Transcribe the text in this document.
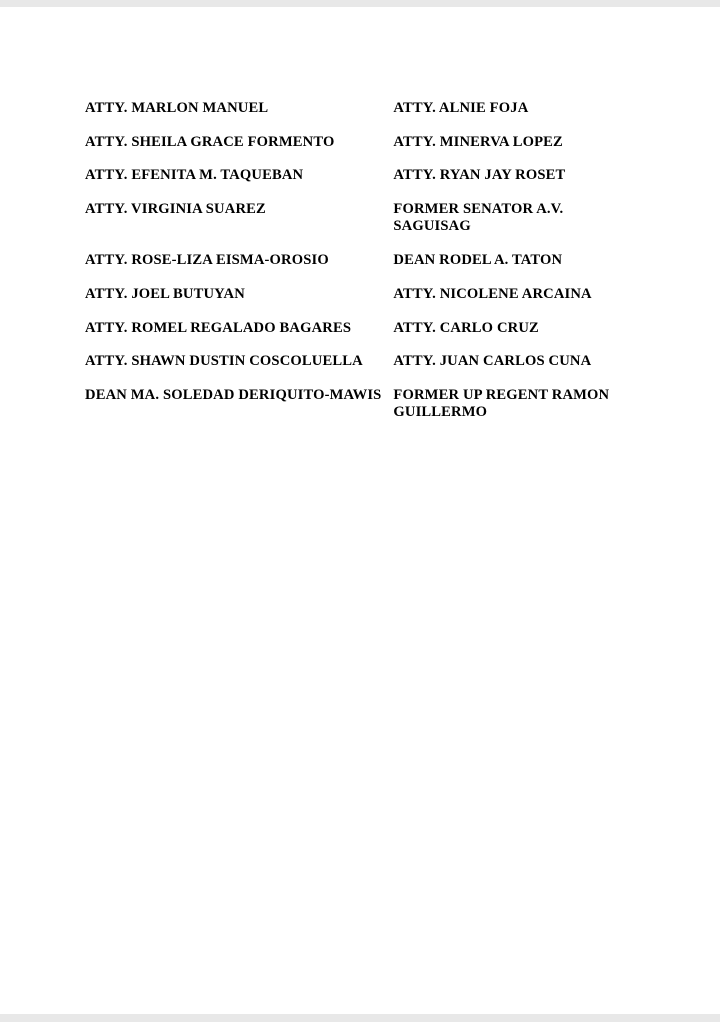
ATTY. MARLON MANUEL	ATTY. ALNIE FOJA
ATTY. SHEILA GRACE FORMENTO	ATTY. MINERVA LOPEZ
ATTY. EFENITA M. TAQUEBAN	ATTY. RYAN JAY ROSET
ATTY. VIRGINIA SUAREZ	FORMER SENATOR A.V. SAGUISAG
ATTY. ROSE-LIZA EISMA-OROSIO	DEAN RODEL A. TATON
ATTY. JOEL BUTUYAN	ATTY. NICOLENE ARCAINA
ATTY. ROMEL REGALADO BAGARES	ATTY. CARLO CRUZ
ATTY. SHAWN DUSTIN COSCOLUELLA	ATTY. JUAN CARLOS CUNA
DEAN MA. SOLEDAD DERIQUITO-MAWIS	FORMER UP REGENT RAMON GUILLERMO
